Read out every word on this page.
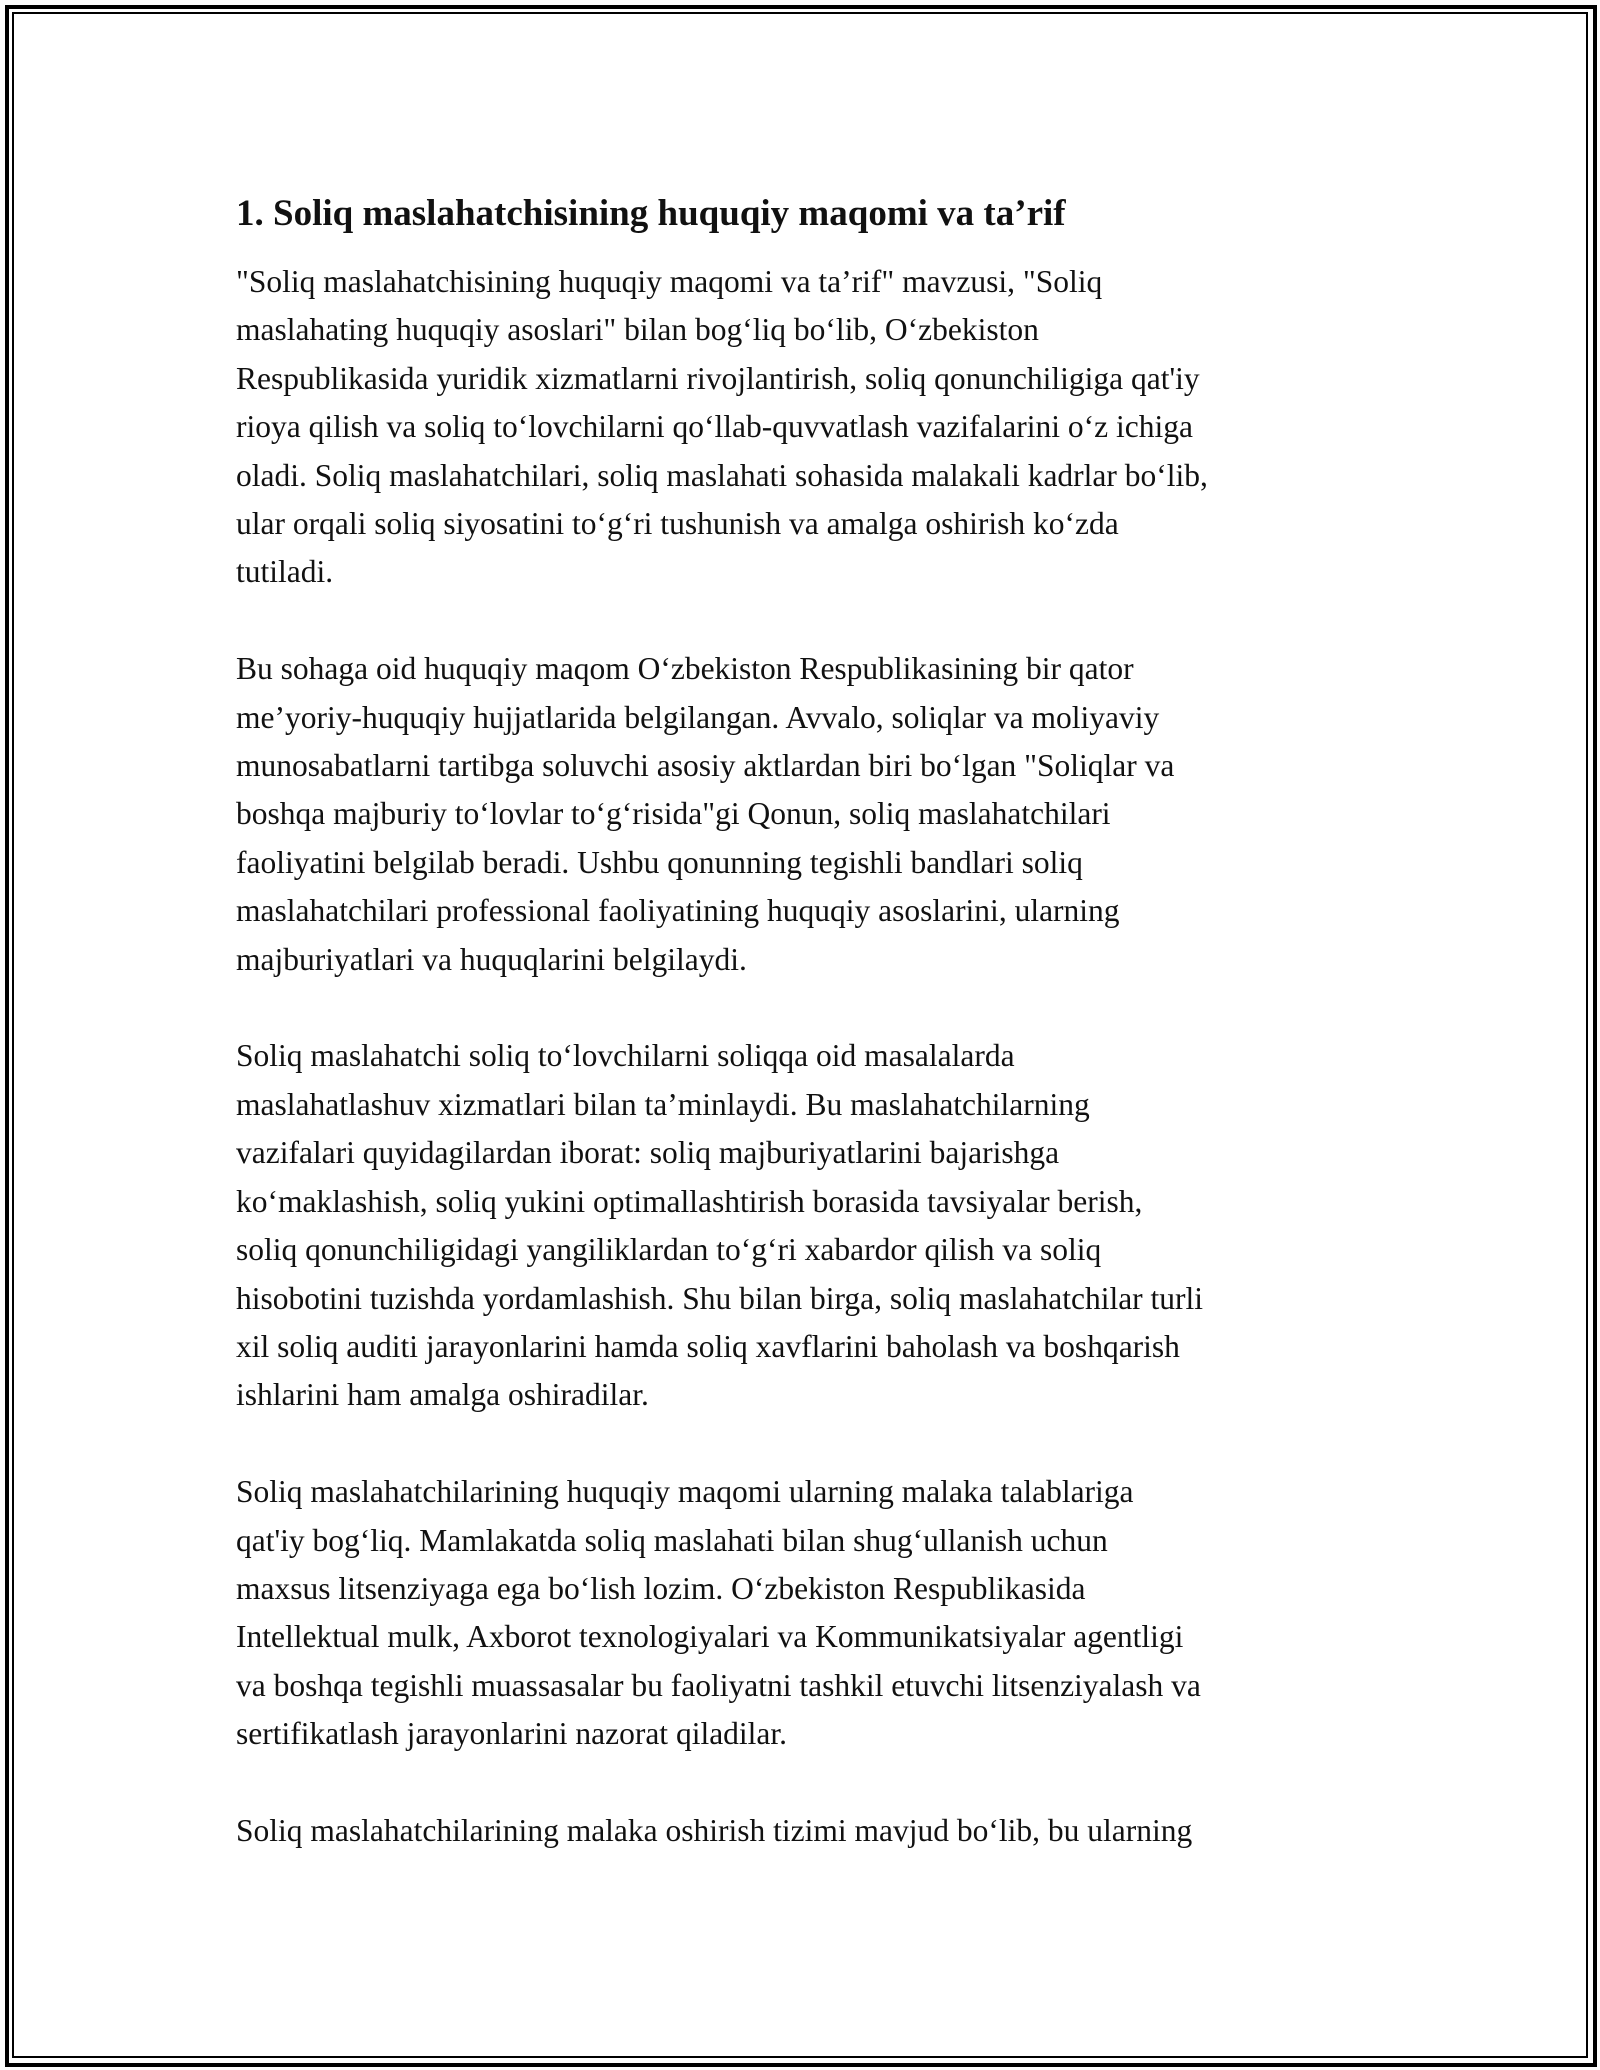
1. Soliq maslahatchisining huquqiy maqomi va ta’rif
"Soliq maslahatchisining huquqiy maqomi va ta’rif" mavzusi, "Soliq
maslahating huquqiy asoslari" bilan bog‘liq bo‘lib, O‘zbekiston
Respublikasida yuridik xizmatlarni rivojlantirish, soliq qonunchiligiga qat'iy
rioya qilish va soliq to‘lovchilarni qo‘llab-quvvatlash vazifalarini o‘z ichiga
oladi. Soliq maslahatchilari, soliq maslahati sohasida malakali kadrlar bo‘lib,
ular orqali soliq siyosatini to‘g‘ri tushunish va amalga oshirish ko‘zda
tutiladi.
Bu sohaga oid huquqiy maqom O‘zbekiston Respublikasining bir qator
me’yoriy-huquqiy hujjatlarida belgilangan. Avvalo, soliqlar va moliyaviy
munosabatlarni tartibga soluvchi asosiy aktlardan biri bo‘lgan "Soliqlar va
boshqa majburiy to‘lovlar to‘g‘risida"gi Qonun, soliq maslahatchilari
faoliyatini belgilab beradi. Ushbu qonunning tegishli bandlari soliq
maslahatchilari professional faoliyatining huquqiy asoslarini, ularning
majburiyatlari va huquqlarini belgilaydi.
Soliq maslahatchi soliq to‘lovchilarni soliqqa oid masalalarda
maslahatlashuv xizmatlari bilan ta’minlaydi. Bu maslahatchilarning
vazifalari quyidagilardan iborat: soliq majburiyatlarini bajarishga
ko‘maklashish, soliq yukini optimallashtirish borasida tavsiyalar berish,
soliq qonunchiligidagi yangiliklardan to‘g‘ri xabardor qilish va soliq
hisobotini tuzishda yordamlashish. Shu bilan birga, soliq maslahatchilar turli
xil soliq auditi jarayonlarini hamda soliq xavflarini baholash va boshqarish
ishlarini ham amalga oshiradilar.
Soliq maslahatchilarining huquqiy maqomi ularning malaka talablariga
qat'iy bog‘liq. Mamlakatda soliq maslahati bilan shug‘ullanish uchun
maxsus litsenziyaga ega bo‘lish lozim. O‘zbekiston Respublikasida
Intellektual mulk, Axborot texnologiyalari va Kommunikatsiyalar agentligi
va boshqa tegishli muassasalar bu faoliyatni tashkil etuvchi litsenziyalash va
sertifikatlash jarayonlarini nazorat qiladilar.
Soliq maslahatchilarining malaka oshirish tizimi mavjud bo‘lib, bu ularning
